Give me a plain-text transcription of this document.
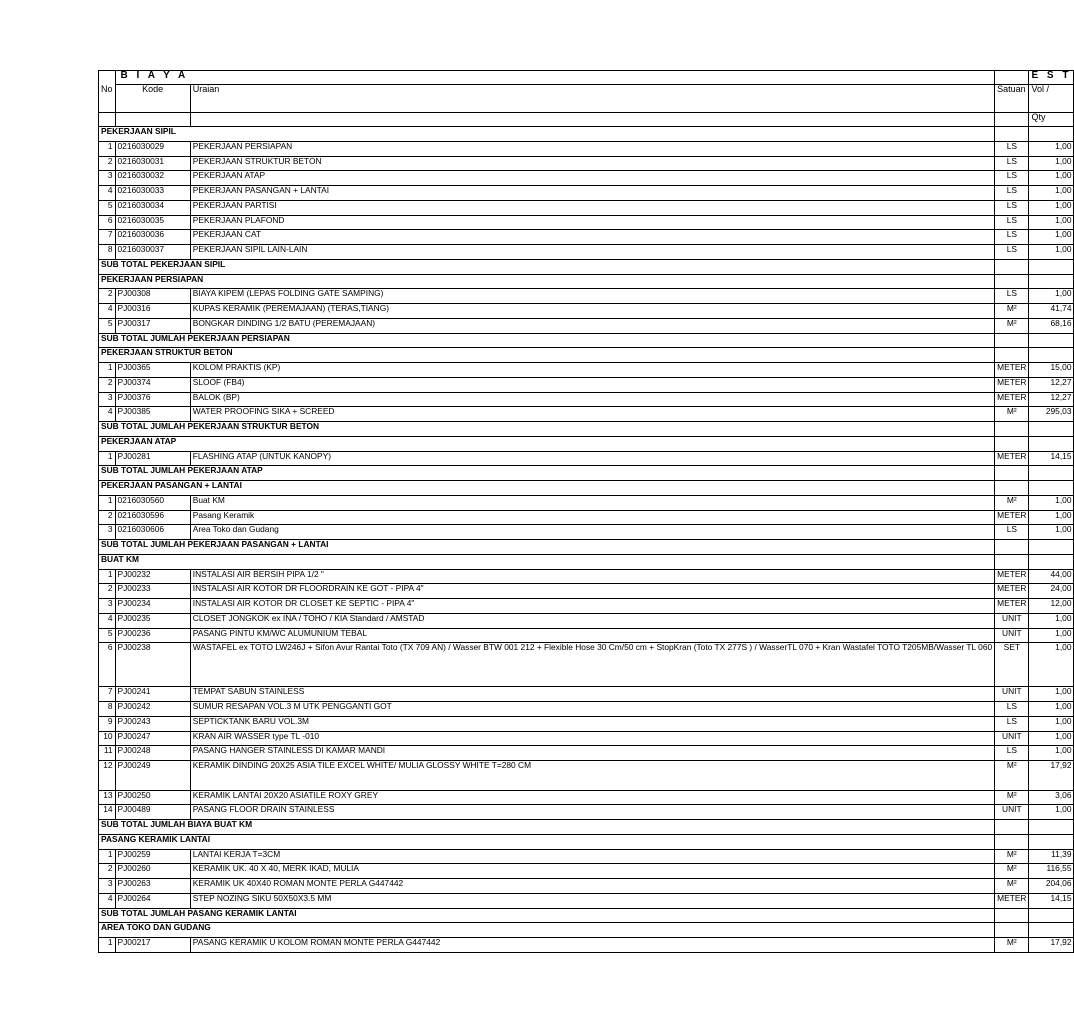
	B I A Y A			E S T
No	Kode	Uraian	Satuan	Vol /
				Qty
PEKERJAAN SIPIL				
1	0216030029	PEKERJAAN PERSIAPAN	LS	1,00
2	0216030031	PEKERJAAN STRUKTUR BETON	LS	1,00
3	0216030032	PEKERJAAN ATAP	LS	1,00
4	0216030033	PEKERJAAN PASANGAN + LANTAI	LS	1,00
5	0216030034	PEKERJAAN PARTISI	LS	1,00
6	0216030035	PEKERJAAN PLAFOND	LS	1,00
7	0216030036	PEKERJAAN CAT	LS	1,00
8	0216030037	PEKERJAAN SIPIL LAIN-LAIN	LS	1,00
SUB TOTAL PEKERJAAN SIPIL				
PEKERJAAN PERSIAPAN				
2	PJ00308	BIAYA KIPEM (LEPAS FOLDING GATE SAMPING)	LS	1,00
4	PJ00316	KUPAS KERAMIK (PEREMAJAAN) (TERAS,TIANG)	M²	41,74
5	PJ00317	BONGKAR DINDING 1/2 BATU (PEREMAJAAN)	M²	68,16
SUB TOTAL JUMLAH PEKERJAAN PERSIAPAN				
PEKERJAAN STRUKTUR BETON				
1	PJ00365	KOLOM PRAKTIS (KP)	METER	15,00
2	PJ00374	SLOOF (FB4)	METER	12,27
3	PJ00376	BALOK (BP)	METER	12,27
4	PJ00385	WATER PROOFING SIKA + SCREED	M²	295,03
SUB TOTAL JUMLAH PEKERJAAN STRUKTUR BETON				
PEKERJAAN ATAP				
1	PJ00281	FLASHING ATAP (UNTUK KANOPY)	METER	14,15
SUB TOTAL JUMLAH PEKERJAAN ATAP				
PEKERJAAN PASANGAN + LANTAI				
1	0216030560	Buat KM	M²	1,00
2	0216030596	Pasang Keramik	METER	1,00
3	0216030606	Area Toko dan Gudang	LS	1,00
SUB TOTAL JUMLAH PEKERJAAN PASANGAN + LANTAI				
BUAT KM				
1	PJ00232	INSTALASI AIR BERSIH PIPA 1/2 "	METER	44,00
2	PJ00233	INSTALASI AIR KOTOR DR FLOORDRAIN KE GOT - PIPA 4"	METER	24,00
3	PJ00234	INSTALASI AIR KOTOR DR CLOSET KE SEPTIC - PIPA 4"	METER	12,00
4	PJ00235	CLOSET JONGKOK ex INA / TOHO / KIA Standard / AMSTAD	UNIT	1,00
5	PJ00236	PASANG PINTU KM/WC ALUMUNIUM TEBAL	UNIT	1,00
6	PJ00238	WASTAFEL ex TOTO LW246J + Sifon Avur Rantai Toto (TX 709 AN) / Wasser BTW 001 212 + Flexible Hose 30 Cm/50 cm + StopKran (Toto TX 277S ) / WasserTL 070 + Kran Wastafel TOTO T205MB/Wasser TL 060	SET	1,00
7	PJ00241	TEMPAT SABUN STAINLESS	UNIT	1,00
8	PJ00242	SUMUR RESAPAN VOL.3 M UTK PENGGANTI GOT	LS	1,00
9	PJ00243	SEPTICKTANK BARU VOL.3M	LS	1,00
10	PJ00247	KRAN AIR WASSER type TL -010	UNIT	1,00
11	PJ00248	PASANG HANGER STAINLESS DI KAMAR MANDI	LS	1,00
12	PJ00249	KERAMIK DINDING 20X25 ASIA TILE EXCEL WHITE/ MULIA GLOSSY WHITE T=280 CM	M²	17,92
13	PJ00250	KERAMIK LANTAI 20X20 ASIATILE ROXY GREY	M²	3,06
14	PJ00489	PASANG FLOOR DRAIN STAINLESS	UNIT	1,00
SUB TOTAL JUMLAH BIAYA BUAT KM				
PASANG KERAMIK LANTAI				
1	PJ00259	LANTAI KERJA T=3CM	M²	11,39
2	PJ00260	KERAMIK UK. 40 X 40, MERK IKAD, MULIA	M²	116,55
3	PJ00263	KERAMIK UK 40X40 ROMAN MONTE PERLA G447442	M²	204,06
4	PJ00264	STEP NOZING SIKU 50X50X3.5 MM	METER	14,15
SUB TOTAL JUMLAH PASANG KERAMIK LANTAI				
AREA TOKO DAN GUDANG				
1	PJ00217	PASANG KERAMIK U KOLOM ROMAN MONTE PERLA G447442	M²	17,92
